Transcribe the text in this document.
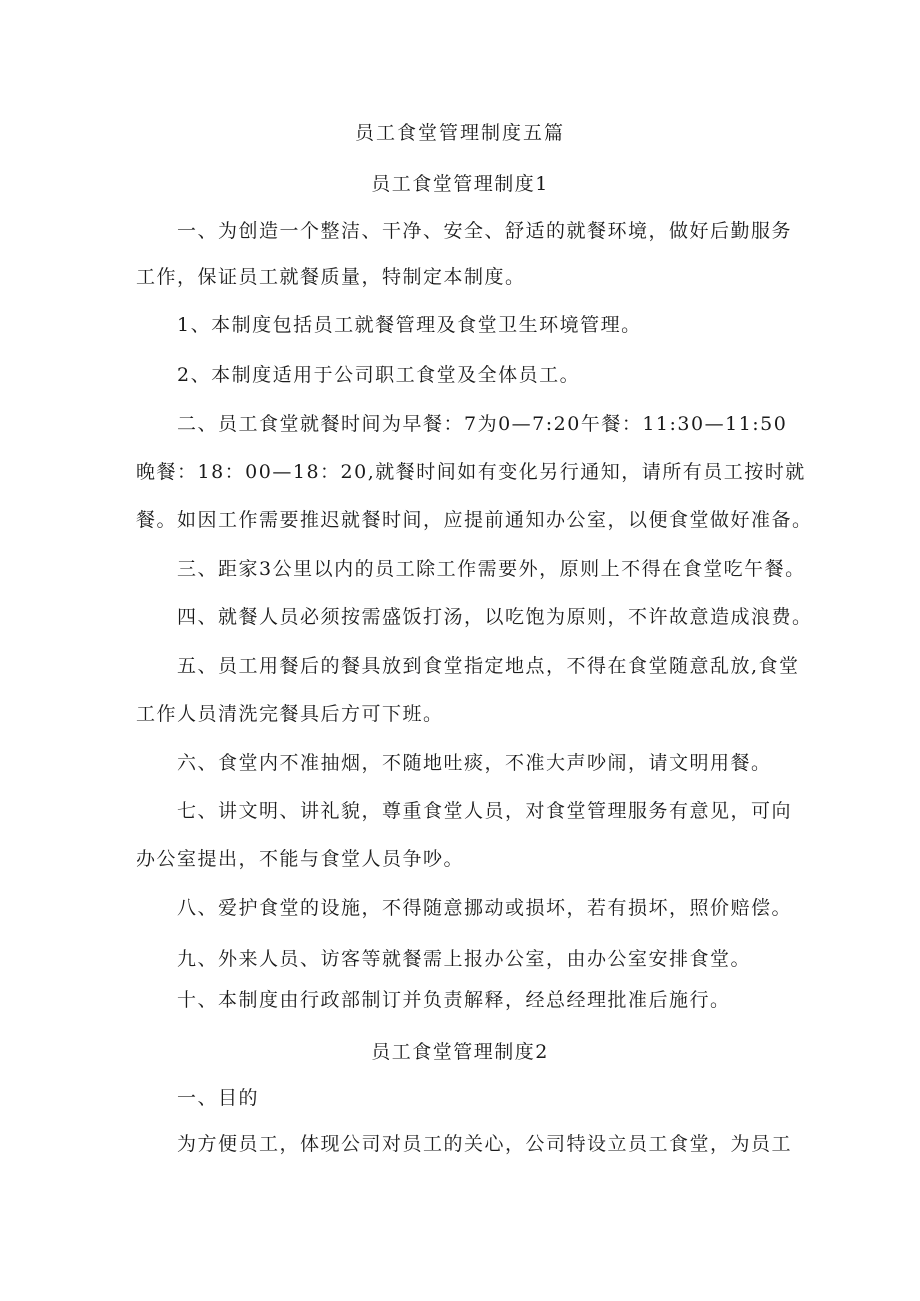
员工食堂管理制度五篇
员工食堂管理制度1
一、为创造一个整洁、干净、安全、舒适的就餐环境，做好后勤服务
工作，保证员工就餐质量，特制定本制度。
1、本制度包括员工就餐管理及食堂卫生环境管理。
2、本制度适用于公司职工食堂及全体员工。
二、员工食堂就餐时间为早餐：7为0—7:20午餐：11:30—11:50
晚餐：18：00—18：20,就餐时间如有变化另行通知，请所有员工按时就
餐。如因工作需要推迟就餐时间，应提前通知办公室，以便食堂做好准备。
三、距家3公里以内的员工除工作需要外，原则上不得在食堂吃午餐。
四、就餐人员必须按需盛饭打汤，以吃饱为原则，不许故意造成浪费。
五、员工用餐后的餐具放到食堂指定地点，不得在食堂随意乱放,食堂
工作人员清洗完餐具后方可下班。
六、食堂内不准抽烟，不随地吐痰，不准大声吵闹，请文明用餐。
七、讲文明、讲礼貌，尊重食堂人员，对食堂管理服务有意见，可向
办公室提出，不能与食堂人员争吵。
八、爱护食堂的设施，不得随意挪动或损坏，若有损坏，照价赔偿。
九、外来人员、访客等就餐需上报办公室，由办公室安排食堂。
十、本制度由行政部制订并负责解释，经总经理批准后施行。
员工食堂管理制度2
一、目的
为方便员工，体现公司对员工的关心，公司特设立员工食堂，为员工
